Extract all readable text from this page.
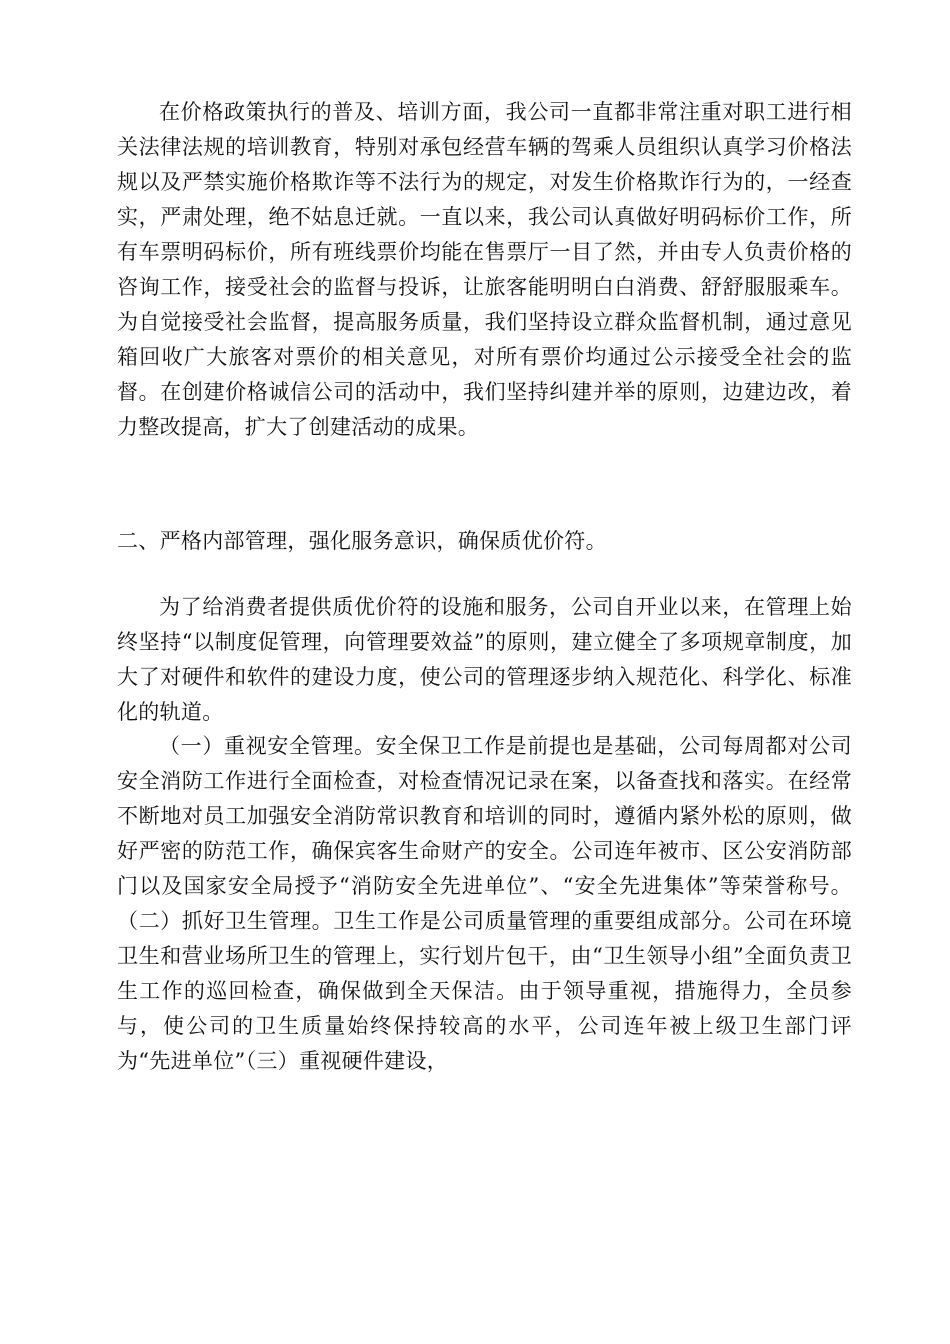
在价格政策执行的普及、培训方面，我公司一直都非常注重对职工进行相关法律法规的培训教育，特别对承包经营车辆的驾乘人员组织认真学习价格法规以及严禁实施价格欺诈等不法行为的规定，对发生价格欺诈行为的，一经查实，严肃处理，绝不姑息迁就。一直以来，我公司认真做好明码标价工作，所有车票明码标价，所有班线票价均能在售票厅一目了然，并由专人负责价格的咨询工作，接受社会的监督与投诉，让旅客能明明白白消费、舒舒服服乘车。为自觉接受社会监督，提高服务质量，我们坚持设立群众监督机制，通过意见箱回收广大旅客对票价的相关意见，对所有票价均通过公示接受全社会的监督。在创建价格诚信公司的活动中，我们坚持纠建并举的原则，边建边改，着力整改提高，扩大了创建活动的成果。

二、严格内部管理，强化服务意识，确保质优价符。

为了给消费者提供质优价符的设施和服务，公司自开业以来，在管理上始终坚持“以制度促管理，向管理要效益”的原则，建立健全了多项规章制度，加大了对硬件和软件的建设力度，使公司的管理逐步纳入规范化、科学化、标准化的轨道。

（一）重视安全管理。安全保卫工作是前提也是基础，公司每周都对公司安全消防工作进行全面检查，对检查情况记录在案，以备查找和落实。在经常不断地对员工加强安全消防常识教育和培训的同时，遵循内紧外松的原则，做好严密的防范工作，确保宾客生命财产的安全。公司连年被市、区公安消防部门以及国家安全局授予“消防安全先进单位”、“安全先进集体”等荣誉称号。（二）抓好卫生管理。卫生工作是公司质量管理的重要组成部分。公司在环境卫生和营业场所卫生的管理上，实行划片包干，由“卫生领导小组”全面负责卫生工作的巡回检查，确保做到全天保洁。由于领导重视，措施得力，全员参与，使公司的卫生质量始终保持较高的水平，公司连年被上级卫生部门评为“先进单位”（三）重视硬件建设，
